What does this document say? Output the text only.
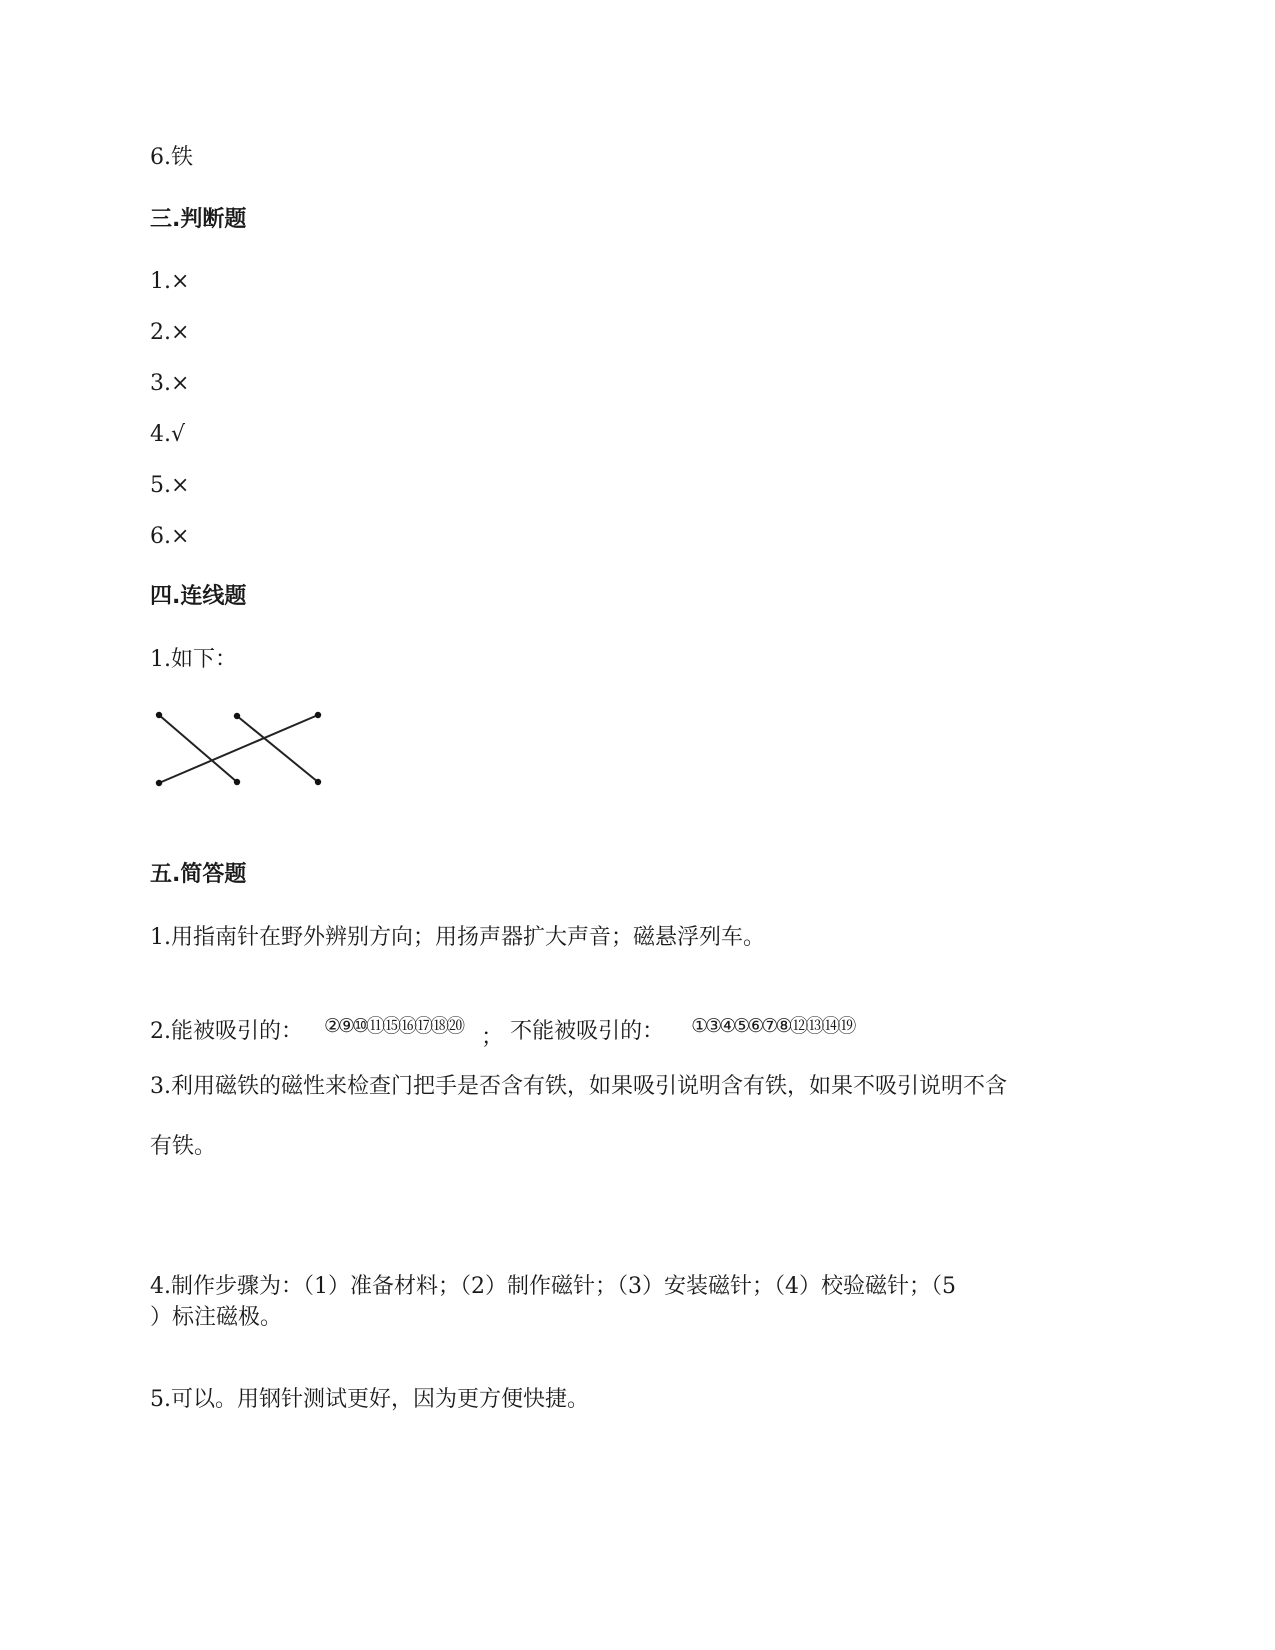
6.铁
三.判断题
1.×
2.×
3.×
4.√
5.×
6.×
四.连线题
1.如下：
五.简答题
1.用指南针在野外辨别方向；用扬声器扩大声音；磁悬浮列车。
2.能被吸引的： ②⑨⑩⑪⑮⑯⑰⑱⑳ ； 不能被吸引的： ①③④⑤⑥⑦⑧⑫⑬⑭⑲
3.利用磁铁的磁性来检查门把手是否含有铁，如果吸引说明含有铁，如果不吸引说明不含
有铁。
4.制作步骤为：（1）准备材料；（2）制作磁针；（3）安装磁针；（4）校验磁针；（5
）标注磁极。
5.可以。用钢针测试更好，因为更方便快捷。
